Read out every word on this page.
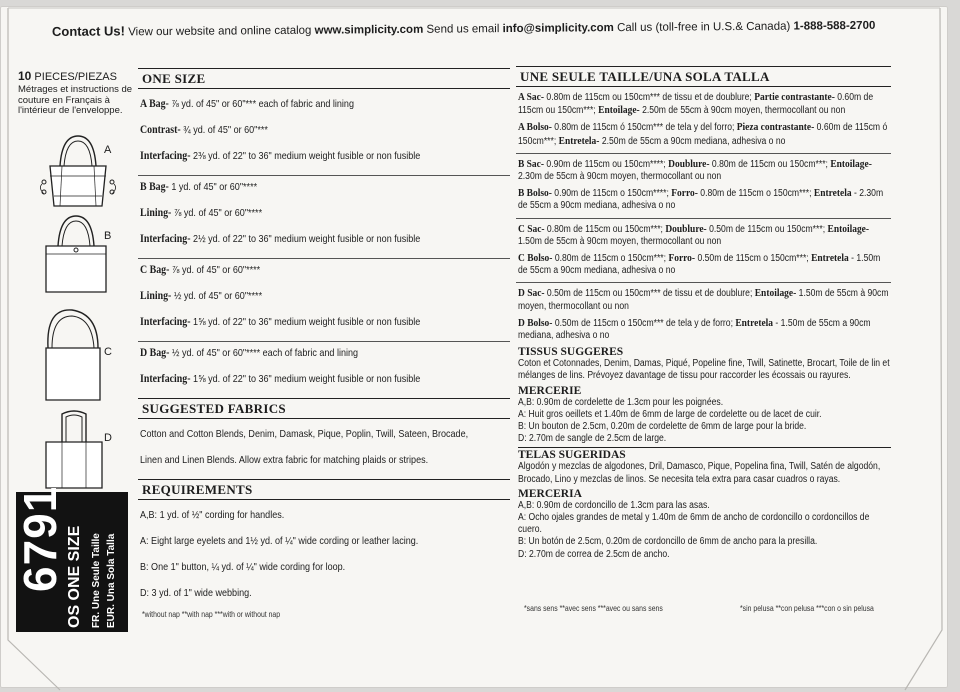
Contact Us! View our website and online catalog www.simplicity.com Send us email info@simplicity.com Call us (toll-free in U.S.& Canada) 1-888-588-2700
10 PIECES/PIEZAS
Métrages et instructions de couture en Français à l'intérieur de l'enveloppe.
A
B
C
D
6791 OS ONE SIZE FR. Une Seule Taille EUR. Una Sola Talla
ONE SIZE
A Bag- ⅞ yd. of 45" or 60"*** each of fabric and lining
Contrast- ¾ yd. of 45" or 60"***
Interfacing- 2⅜ yd. of 22" to 36" medium weight fusible or non fusible
B Bag- 1 yd. of 45" or 60"****
Lining- ⅞ yd. of 45" or 60"****
Interfacing- 2½ yd. of 22" to 36" medium weight fusible or non fusible
C Bag- ⅞ yd. of 45" or 60"****
Lining- ½ yd. of 45" or 60"****
Interfacing- 1⅝ yd. of 22" to 36" medium weight fusible or non fusible
D Bag- ½ yd. of 45" or 60"**** each of fabric and lining
Interfacing- 1⅝ yd. of 22" to 36" medium weight fusible or non fusible
SUGGESTED FABRICS
Cotton and Cotton Blends, Denim, Damask, Pique, Poplin, Twill, Sateen, Brocade,
Linen and Linen Blends. Allow extra fabric for matching plaids or stripes.
REQUIREMENTS
A,B: 1 yd. of ½" cording for handles.
A: Eight large eyelets and 1½ yd. of ¼" wide cording or leather lacing.
B: One 1" button, ¼ yd. of ¼" wide cording for loop.
D: 3 yd. of 1" wide webbing.
*without nap **with nap ***with or without nap
UNE SEULE TAILLE/UNA SOLA TALLA
A Sac- 0.80m de 115cm ou 150cm*** de tissu et de doublure; Partie contrastante- 0.60m de 115cm ou 150cm***; Entoilage- 2.50m de 55cm à 90cm moyen, thermocollant ou non
A Bolso- 0.80m de 115cm ó 150cm*** de tela y del forro; Pieza contrastante- 0.60m de 115cm ó 150cm***; Entretela- 2.50m de 55cm a 90cm mediana, adhesiva o no
B Sac- 0.90m de 115cm ou 150cm****; Doublure- 0.80m de 115cm ou 150cm***; Entoilage- 2.30m de 55cm à 90cm moyen, thermocollant ou non
B Bolso- 0.90m de 115cm o 150cm****; Forro- 0.80m de 115cm o 150cm***; Entretela - 2.30m de 55cm a 90cm mediana, adhesiva o no
C Sac- 0.80m de 115cm ou 150cm***; Doublure- 0.50m de 115cm ou 150cm***; Entoilage- 1.50m de 55cm à 90cm moyen, thermocollant ou non
C Bolso- 0.80m de 115cm o 150cm***; Forro- 0.50m de 115cm o 150cm***; Entretela - 1.50m de 55cm a 90cm mediana, adhesiva o no
D Sac- 0.50m de 115cm ou 150cm*** de tissu et de doublure; Entoilage- 1.50m de 55cm à 90cm moyen, thermocollant ou non
D Bolso- 0.50m de 115cm o 150cm*** de tela y de forro; Entretela - 1.50m de 55cm a 90cm mediana, adhesiva o no
TISSUS SUGGERES
Coton et Cotonnades, Denim, Damas, Piqué, Popeline fine, Twill, Satinette, Brocart, Toile de lin et mélanges de lins. Prévoyez davantage de tissu pour raccorder les écossais ou rayures.
MERCERIE
A,B: 0.90m de cordelette de 1.3cm pour les poignées.
A: Huit gros oeillets et 1.40m de 6mm de large de cordelette ou de lacet de cuir.
B: Un bouton de 2.5cm, 0.20m de cordelette de 6mm de large pour la bride.
D: 2.70m de sangle de 2.5cm de large.
TELAS SUGERIDAS
Algodón y mezclas de algodones, Dril, Damasco, Pique, Popelina fina, Twill, Satén de algodón, Brocado, Lino y mezclas de linos. Se necesita tela extra para casar cuadros o rayas.
MERCERIA
A,B: 0.90m de cordoncillo de 1.3cm para las asas.
A: Ocho ojales grandes de metal y 1.40m de 6mm de ancho de cordoncillo o cordoncillos de cuero.
B: Un botón de 2.5cm, 0.20m de cordoncillo de 6mm de ancho para la presilla.
D: 2.70m de correa de 2.5cm de ancho.
*sans sens **avec sens ***avec ou sans sens	*sin pelusa **con pelusa ***con o sin pelusa
